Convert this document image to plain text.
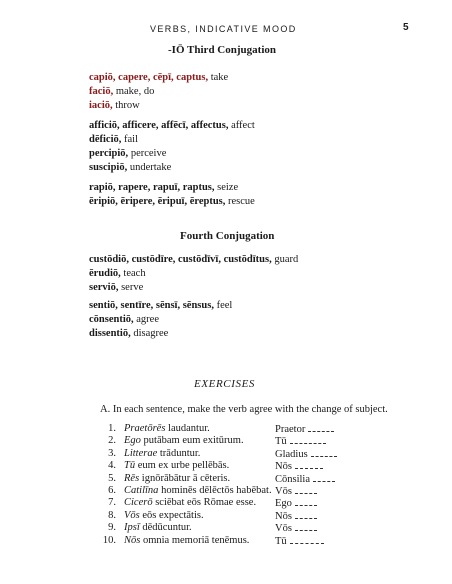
VERBS, INDICATIVE MOOD	5
-IŌ Third Conjugation
capiō, capere, cēpī, captus, take
faciō, make, do
iaciō, throw
afficiō, afficere, affēcī, affectus, affect
dēficiō, fail
percipiō, perceive
suscipiō, undertake
rapiō, rapere, rapuī, raptus, seize
ēripiō, ēripere, ēripuī, ēreptus, rescue
Fourth Conjugation
custōdiō, custōdīre, custōdīvī, custōdītus, guard
ērudiō, teach
serviō, serve
sentiō, sentīre, sēnsī, sēnsus, feel
cōnsentiō, agree
dissentiō, disagree
EXERCISES
A. In each sentence, make the verb agree with the change of subject.
1. Praetōrēs laudantur.	Praetor
2. Ego putābam eum exitūrum.	Tū
3. Litterae trāduntur.	Gladius
4. Tū eum ex urbe pellēbās.	Nōs
5. Rēs ignōrābātur ā cēteris.	Cōnsilia
6. Catilīna hominēs dēlēctōs habēbat. Vōs
7. Cicerō sciēbat eōs Rōmae esse. Ego
8. Vōs eōs expectātis.	Nōs
9. Ipsī dēdūcuntur.	Vōs
10. Nōs omnia memoriā tenēmus. Tū
